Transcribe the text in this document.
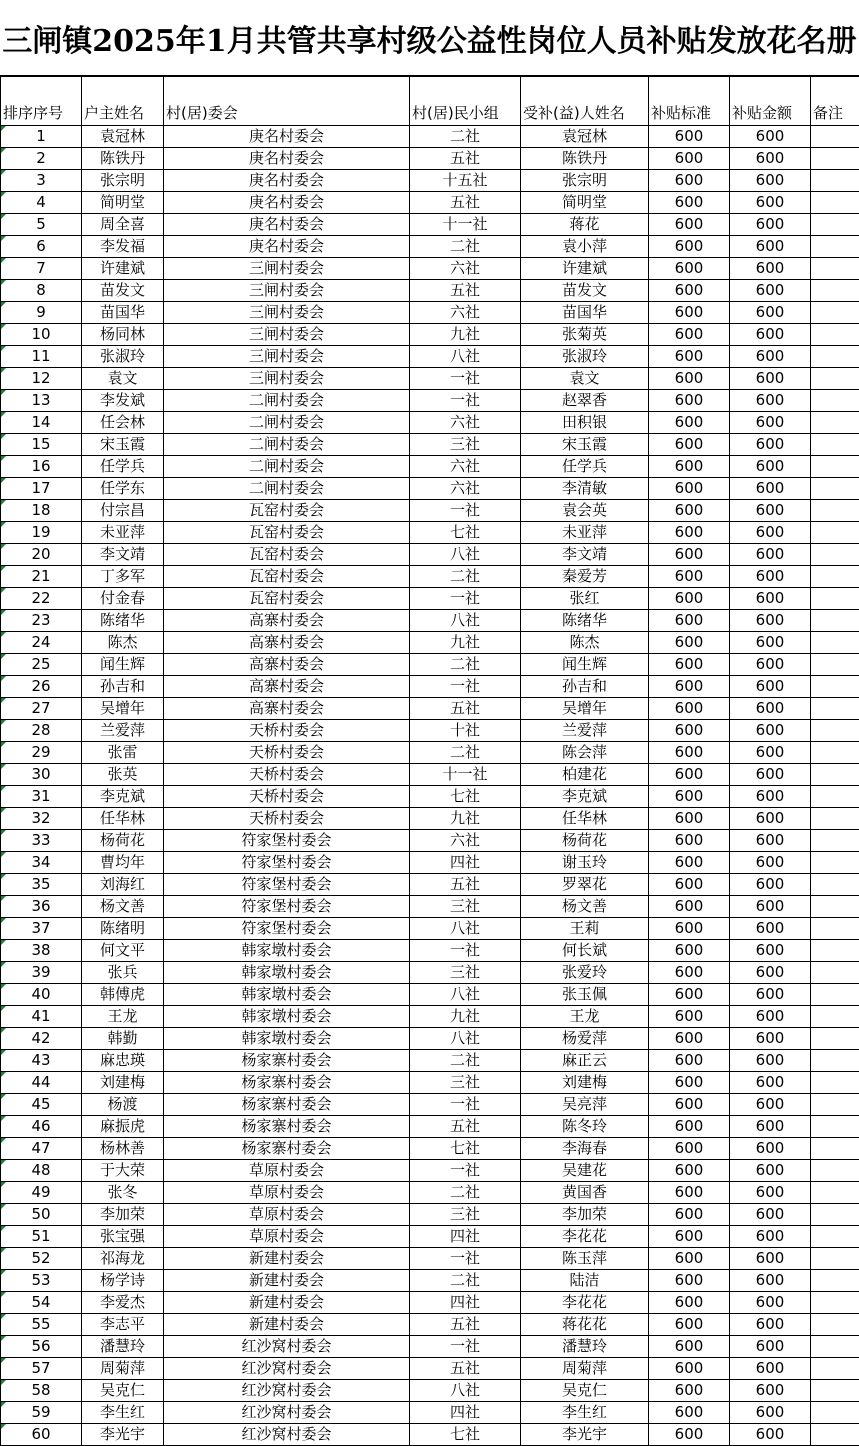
三闸镇2025年1月共管共享村级公益性岗位人员补贴发放花名册
排序序号	户主姓名	村(居)委会	村(居)民小组	受补(益)人姓名	补贴标准	补贴金额	备注
1	袁冠林	庚名村委会	二社	袁冠林	600	600	
2	陈铁丹	庚名村委会	五社	陈铁丹	600	600	
3	张宗明	庚名村委会	十五社	张宗明	600	600	
4	简明堂	庚名村委会	五社	简明堂	600	600	
5	周全喜	庚名村委会	十一社	蒋花	600	600	
6	李发福	庚名村委会	二社	袁小萍	600	600	
7	许建斌	三闸村委会	六社	许建斌	600	600	
8	苗发文	三闸村委会	五社	苗发文	600	600	
9	苗国华	三闸村委会	六社	苗国华	600	600	
10	杨同林	三闸村委会	九社	张菊英	600	600	
11	张淑玲	三闸村委会	八社	张淑玲	600	600	
12	袁文	三闸村委会	一社	袁文	600	600	
13	李发斌	二闸村委会	一社	赵翠香	600	600	
14	任会林	二闸村委会	六社	田积银	600	600	
15	宋玉霞	二闸村委会	三社	宋玉霞	600	600	
16	任学兵	二闸村委会	六社	任学兵	600	600	
17	任学东	二闸村委会	六社	李清敏	600	600	
18	付宗昌	瓦窑村委会	一社	袁会英	600	600	
19	未亚萍	瓦窑村委会	七社	未亚萍	600	600	
20	李文靖	瓦窑村委会	八社	李文靖	600	600	
21	丁多军	瓦窑村委会	二社	秦爱芳	600	600	
22	付金春	瓦窑村委会	一社	张红	600	600	
23	陈绪华	高寨村委会	八社	陈绪华	600	600	
24	陈杰	高寨村委会	九社	陈杰	600	600	
25	闻生辉	高寨村委会	二社	闻生辉	600	600	
26	孙吉和	高寨村委会	一社	孙吉和	600	600	
27	吴增年	高寨村委会	五社	吴增年	600	600	
28	兰爱萍	天桥村委会	十社	兰爱萍	600	600	
29	张雷	天桥村委会	二社	陈会萍	600	600	
30	张英	天桥村委会	十一社	柏建花	600	600	
31	李克斌	天桥村委会	七社	李克斌	600	600	
32	任华林	天桥村委会	九社	任华林	600	600	
33	杨荷花	符家堡村委会	六社	杨荷花	600	600	
34	曹均年	符家堡村委会	四社	谢玉玲	600	600	
35	刘海红	符家堡村委会	五社	罗翠花	600	600	
36	杨文善	符家堡村委会	三社	杨文善	600	600	
37	陈绪明	符家堡村委会	八社	王莉	600	600	
38	何文平	韩家墩村委会	一社	何长斌	600	600	
39	张兵	韩家墩村委会	三社	张爱玲	600	600	
40	韩傅虎	韩家墩村委会	八社	张玉佩	600	600	
41	王龙	韩家墩村委会	九社	王龙	600	600	
42	韩勤	韩家墩村委会	八社	杨爱萍	600	600	
43	麻忠瑛	杨家寨村委会	二社	麻正云	600	600	
44	刘建梅	杨家寨村委会	三社	刘建梅	600	600	
45	杨渡	杨家寨村委会	一社	吴亮萍	600	600	
46	麻振虎	杨家寨村委会	五社	陈冬玲	600	600	
47	杨林善	杨家寨村委会	七社	李海春	600	600	
48	于大荣	草原村委会	一社	吴建花	600	600	
49	张冬	草原村委会	二社	黄国香	600	600	
50	李加荣	草原村委会	三社	李加荣	600	600	
51	张宝强	草原村委会	四社	李花花	600	600	
52	祁海龙	新建村委会	一社	陈玉萍	600	600	
53	杨学诗	新建村委会	二社	陆洁	600	600	
54	李爱杰	新建村委会	四社	李花花	600	600	
55	李志平	新建村委会	五社	蒋花花	600	600	
56	潘慧玲	红沙窝村委会	一社	潘慧玲	600	600	
57	周菊萍	红沙窝村委会	五社	周菊萍	600	600	
58	吴克仁	红沙窝村委会	八社	吴克仁	600	600	
59	李生红	红沙窝村委会	四社	李生红	600	600	
60	李光宇	红沙窝村委会	七社	李光宇	600	600	
